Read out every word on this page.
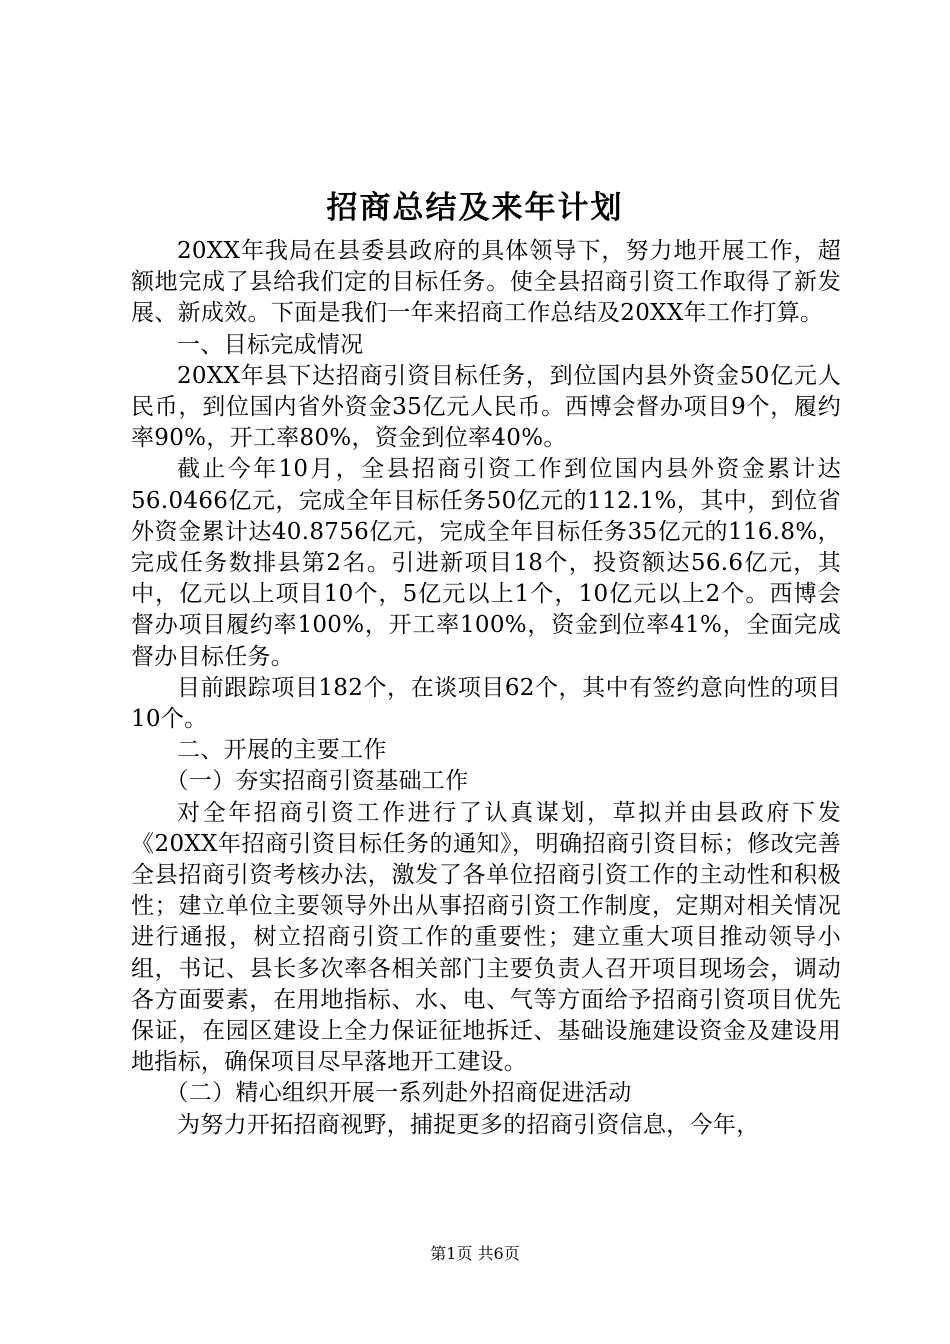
招商总结及来年计划

20XX年我局在县委县政府的具体领导下，努力地开展工作，超额地完成了县给我们定的目标任务。使全县招商引资工作取得了新发展、新成效。下面是我们一年来招商工作总结及20XX年工作打算。

一、目标完成情况

20XX年县下达招商引资目标任务，到位国内县外资金50亿元人民币，到位国内省外资金35亿元人民币。西博会督办项目9个，履约率90%，开工率80%，资金到位率40%。

截止今年10月，全县招商引资工作到位国内县外资金累计达56.0466亿元，完成全年目标任务50亿元的112.1%，其中，到位省外资金累计达40.8756亿元，完成全年目标任务35亿元的116.8%，完成任务数排县第2名。引进新项目18个，投资额达56.6亿元，其中，亿元以上项目10个，5亿元以上1个，10亿元以上2个。西博会督办项目履约率100%，开工率100%，资金到位率41%，全面完成督办目标任务。

目前跟踪项目182个，在谈项目62个，其中有签约意向性的项目10个。

二、开展的主要工作

（一）夯实招商引资基础工作

对全年招商引资工作进行了认真谋划，草拟并由县政府下发《20XX年招商引资目标任务的通知》，明确招商引资目标；修改完善全县招商引资考核办法，激发了各单位招商引资工作的主动性和积极性；建立单位主要领导外出从事招商引资工作制度，定期对相关情况进行通报，树立招商引资工作的重要性；建立重大项目推动领导小组，书记、县长多次率各相关部门主要负责人召开项目现场会，调动各方面要素，在用地指标、水、电、气等方面给予招商引资项目优先保证，在园区建设上全力保证征地拆迁、基础设施建设资金及建设用地指标，确保项目尽早落地开工建设。

（二）精心组织开展一系列赴外招商促进活动

为努力开拓招商视野，捕捉更多的招商引资信息，今年，

第1页 共6页
